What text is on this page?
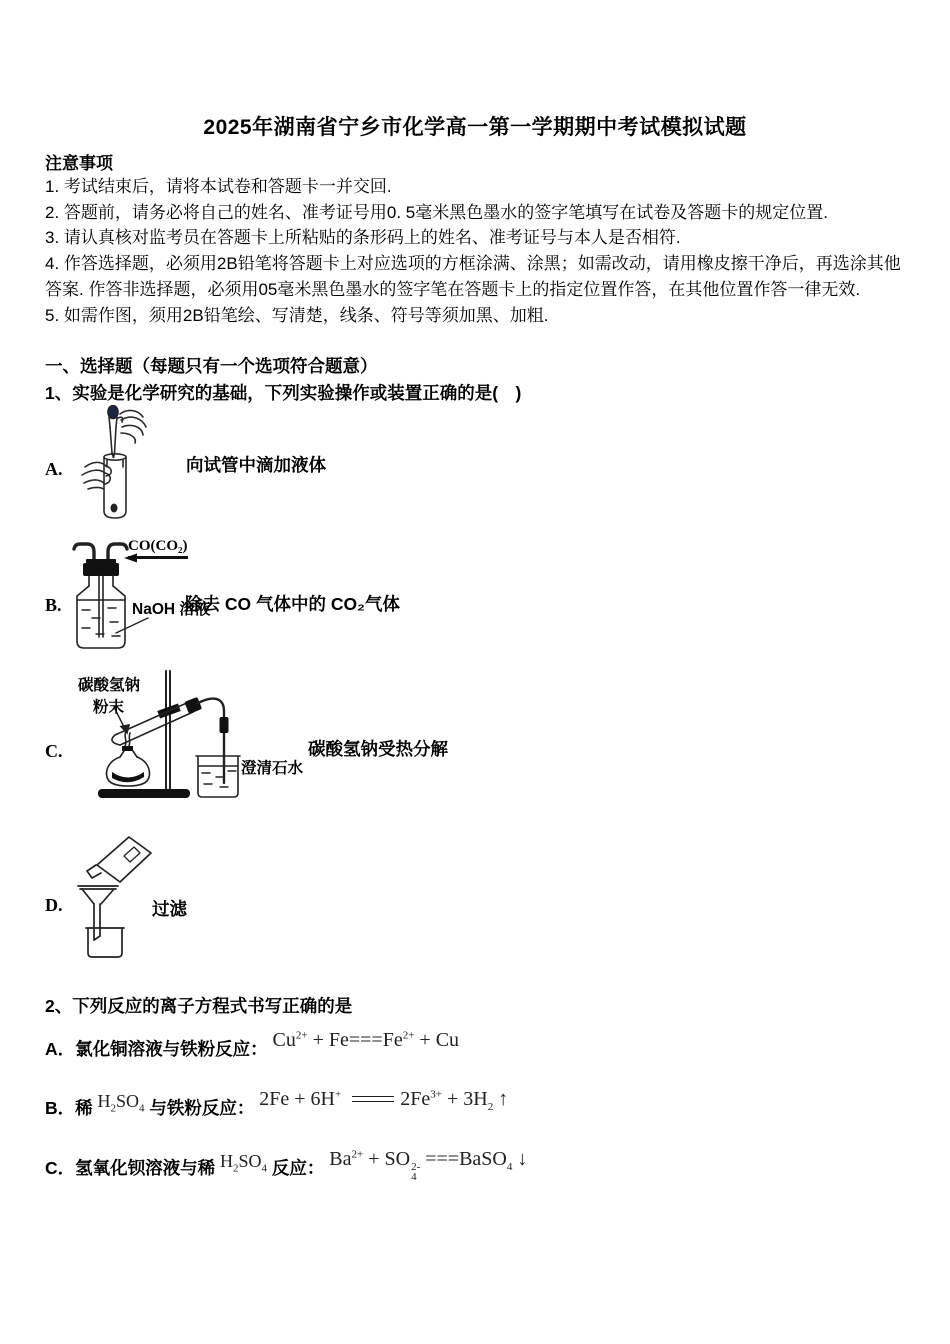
2025年湖南省宁乡市化学高一第一学期期中考试模拟试题
注意事项
1. 考试结束后，请将本试卷和答题卡一并交回.
2. 答题前，请务必将自己的姓名、准考证号用0. 5毫米黑色墨水的签字笔填写在试卷及答题卡的规定位置.
3. 请认真核对监考员在答题卡上所粘贴的条形码上的姓名、准考证号与本人是否相符.
4. 作答选择题，必须用2B铅笔将答题卡上对应选项的方框涂满、涂黑；如需改动，请用橡皮擦干净后，再选涂其他答案. 作答非选择题，必须用05毫米黑色墨水的签字笔在答题卡上的指定位置作答，在其他位置作答一律无效.
5. 如需作图，须用2B铅笔绘、写清楚，线条、符号等须加黑、加粗.
一、选择题（每题只有一个选项符合题意）
1、实验是化学研究的基础，下列实验操作或装置正确的是(　)
A.	向试管中滴加液体
B.
CO(CO₂)
NaOH 溶液
除去 CO 气体中的 CO₂气体
C.
碳酸氢钠
粉末
澄清石水
碳酸氢钠受热分解
D.	过滤
2、下列反应的离子方程式书写正确的是
A．氯化铜溶液与铁粉反应： $Cu^{2+} + Fe===Fe^{2+} + Cu$
B．稀 $H_2SO_4$ 与铁粉反应： 2Fe + 6H+	$2Fe^{3+} + 3H_2$ ↑
C．氢氧化钡溶液与稀 $H_2SO_4$ 反应： $Ba^{2+}$ + SO 2-
4
===BaSO$_4$ ↓
